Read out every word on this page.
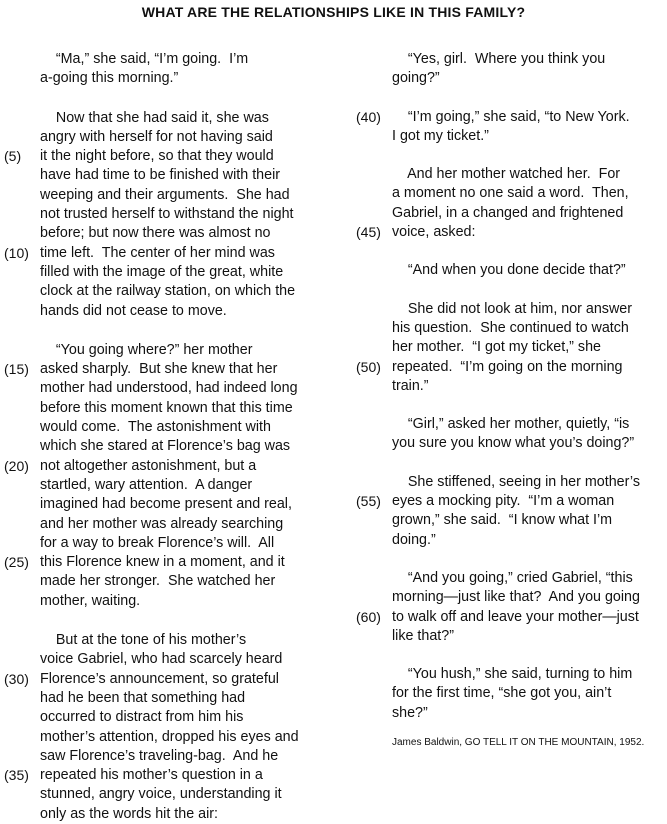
WHAT ARE THE RELATIONSHIPS LIKE IN THIS FAMILY?
“Ma,” she said, “I’m going.  I’m
a-going this morning.”
Now that she had said it, she was
angry with herself for not having said
(5)	it the night before, so that they would
have had time to be finished with their
weeping and their arguments.  She had
not trusted herself to withstand the night
before; but now there was almost no
(10) time left.  The center of her mind was
filled with the image of the great, white
clock at the railway station, on which the
hands did not cease to move.
“You going where?” her mother
(15) asked sharply.  But she knew that her
mother had understood, had indeed long
before this moment known that this time
would come.  The astonishment with
which she stared at Florence’s bag was
(20) not altogether astonishment, but a
startled, wary attention.  A danger
imagined had become present and real,
and her mother was already searching
for a way to break Florence’s will.  All
(25) this Florence knew in a moment, and it
made her stronger.  She watched her
mother, waiting.
But at the tone of his mother’s
voice Gabriel, who had scarcely heard
(30) Florence’s announcement, so grateful
had he been that something had
occurred to distract from him his
mother’s attention, dropped his eyes and
saw Florence’s traveling-bag.  And he
(35) repeated his mother’s question in a
stunned, angry voice, understanding it
only as the words hit the air:
“Yes, girl.  Where you think you
going?”
(40) “I’m going,” she said, “to New York.
I got my ticket.”
And her mother watched her.  For
a moment no one said a word.  Then,
Gabriel, in a changed and frightened
(45) voice, asked:
“And when you done decide that?”
She did not look at him, nor answer
his question.  She continued to watch
her mother.  “I got my ticket,” she
(50) repeated.  “I’m going on the morning
train.”
“Girl,” asked her mother, quietly, “is
you sure you know what you’s doing?”
She stiffened, seeing in her mother’s
(55) eyes a mocking pity.  “I’m a woman
grown,” she said.  “I know what I’m
doing.”
“And you going,” cried Gabriel, “this
morning—just like that?  And you going
(60) to walk off and leave your mother—just
like that?”
“You hush,” she said, turning to him
for the first time, “she got you, ain’t
she?”
James Baldwin, GO TELL IT ON THE MOUNTAIN, 1952.
